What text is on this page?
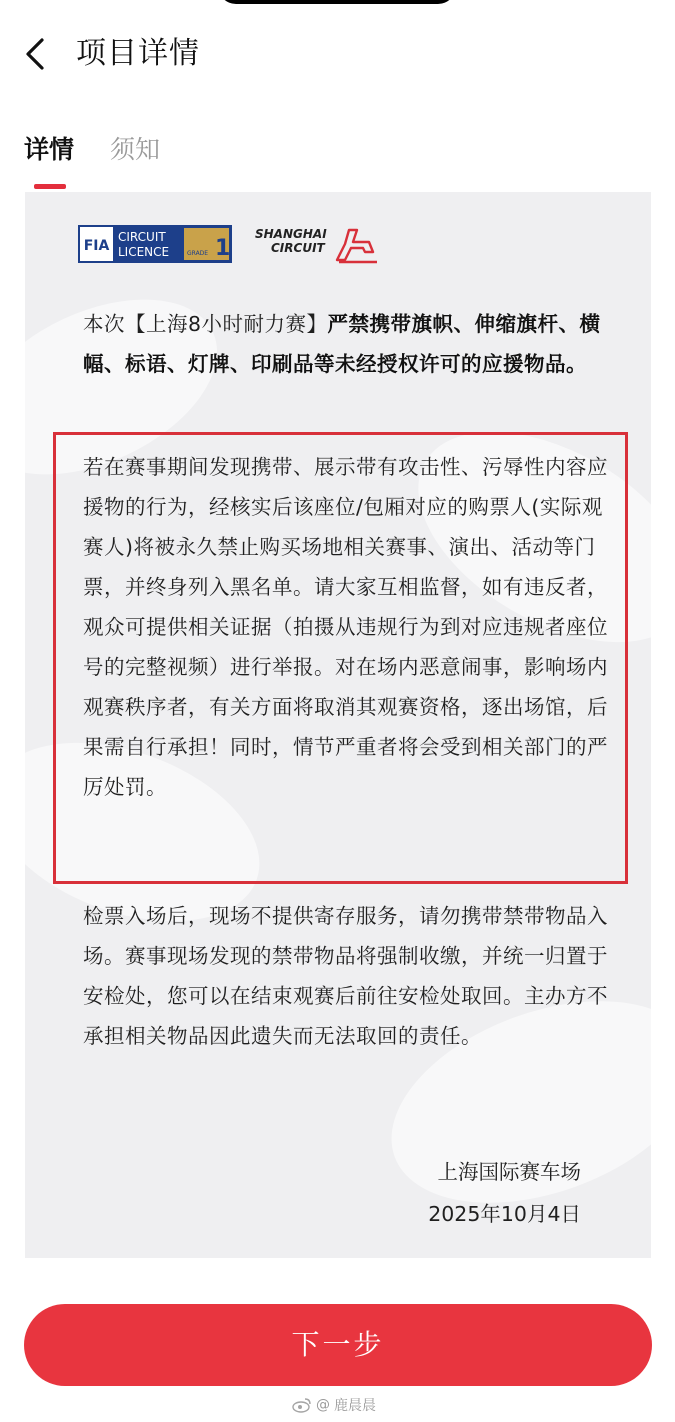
项目详情
详情 须知
FIA
CIRCUIT
LICENCE	GRADE 1
SHANGHAI
CIRCUIT
本次【上海8小时耐力赛】严禁携带旗帜、伸缩旗杆、横幅、标语、灯牌、印刷品等未经授权许可的应援物品。
若在赛事期间发现携带、展示带有攻击性、污辱性内容应援物的行为，经核实后该座位/包厢对应的购票人(实际观赛人)将被永久禁止购买场地相关赛事、演出、活动等门票，并终身列入黑名单。请大家互相监督，如有违反者，观众可提供相关证据（拍摄从违规行为到对应违规者座位号的完整视频）进行举报。对在场内恶意闹事，影响场内观赛秩序者，有关方面将取消其观赛资格，逐出场馆，后果需自行承担！同时，情节严重者将会受到相关部门的严厉处罚。
检票入场后，现场不提供寄存服务，请勿携带禁带物品入场。赛事现场发现的禁带物品将强制收缴，并统一归置于安检处，您可以在结束观赛后前往安检处取回。主办方不承担相关物品因此遗失而无法取回的责任。
上海国际赛车场
2025年10月4日
下一步
@ 鹿晨晨
